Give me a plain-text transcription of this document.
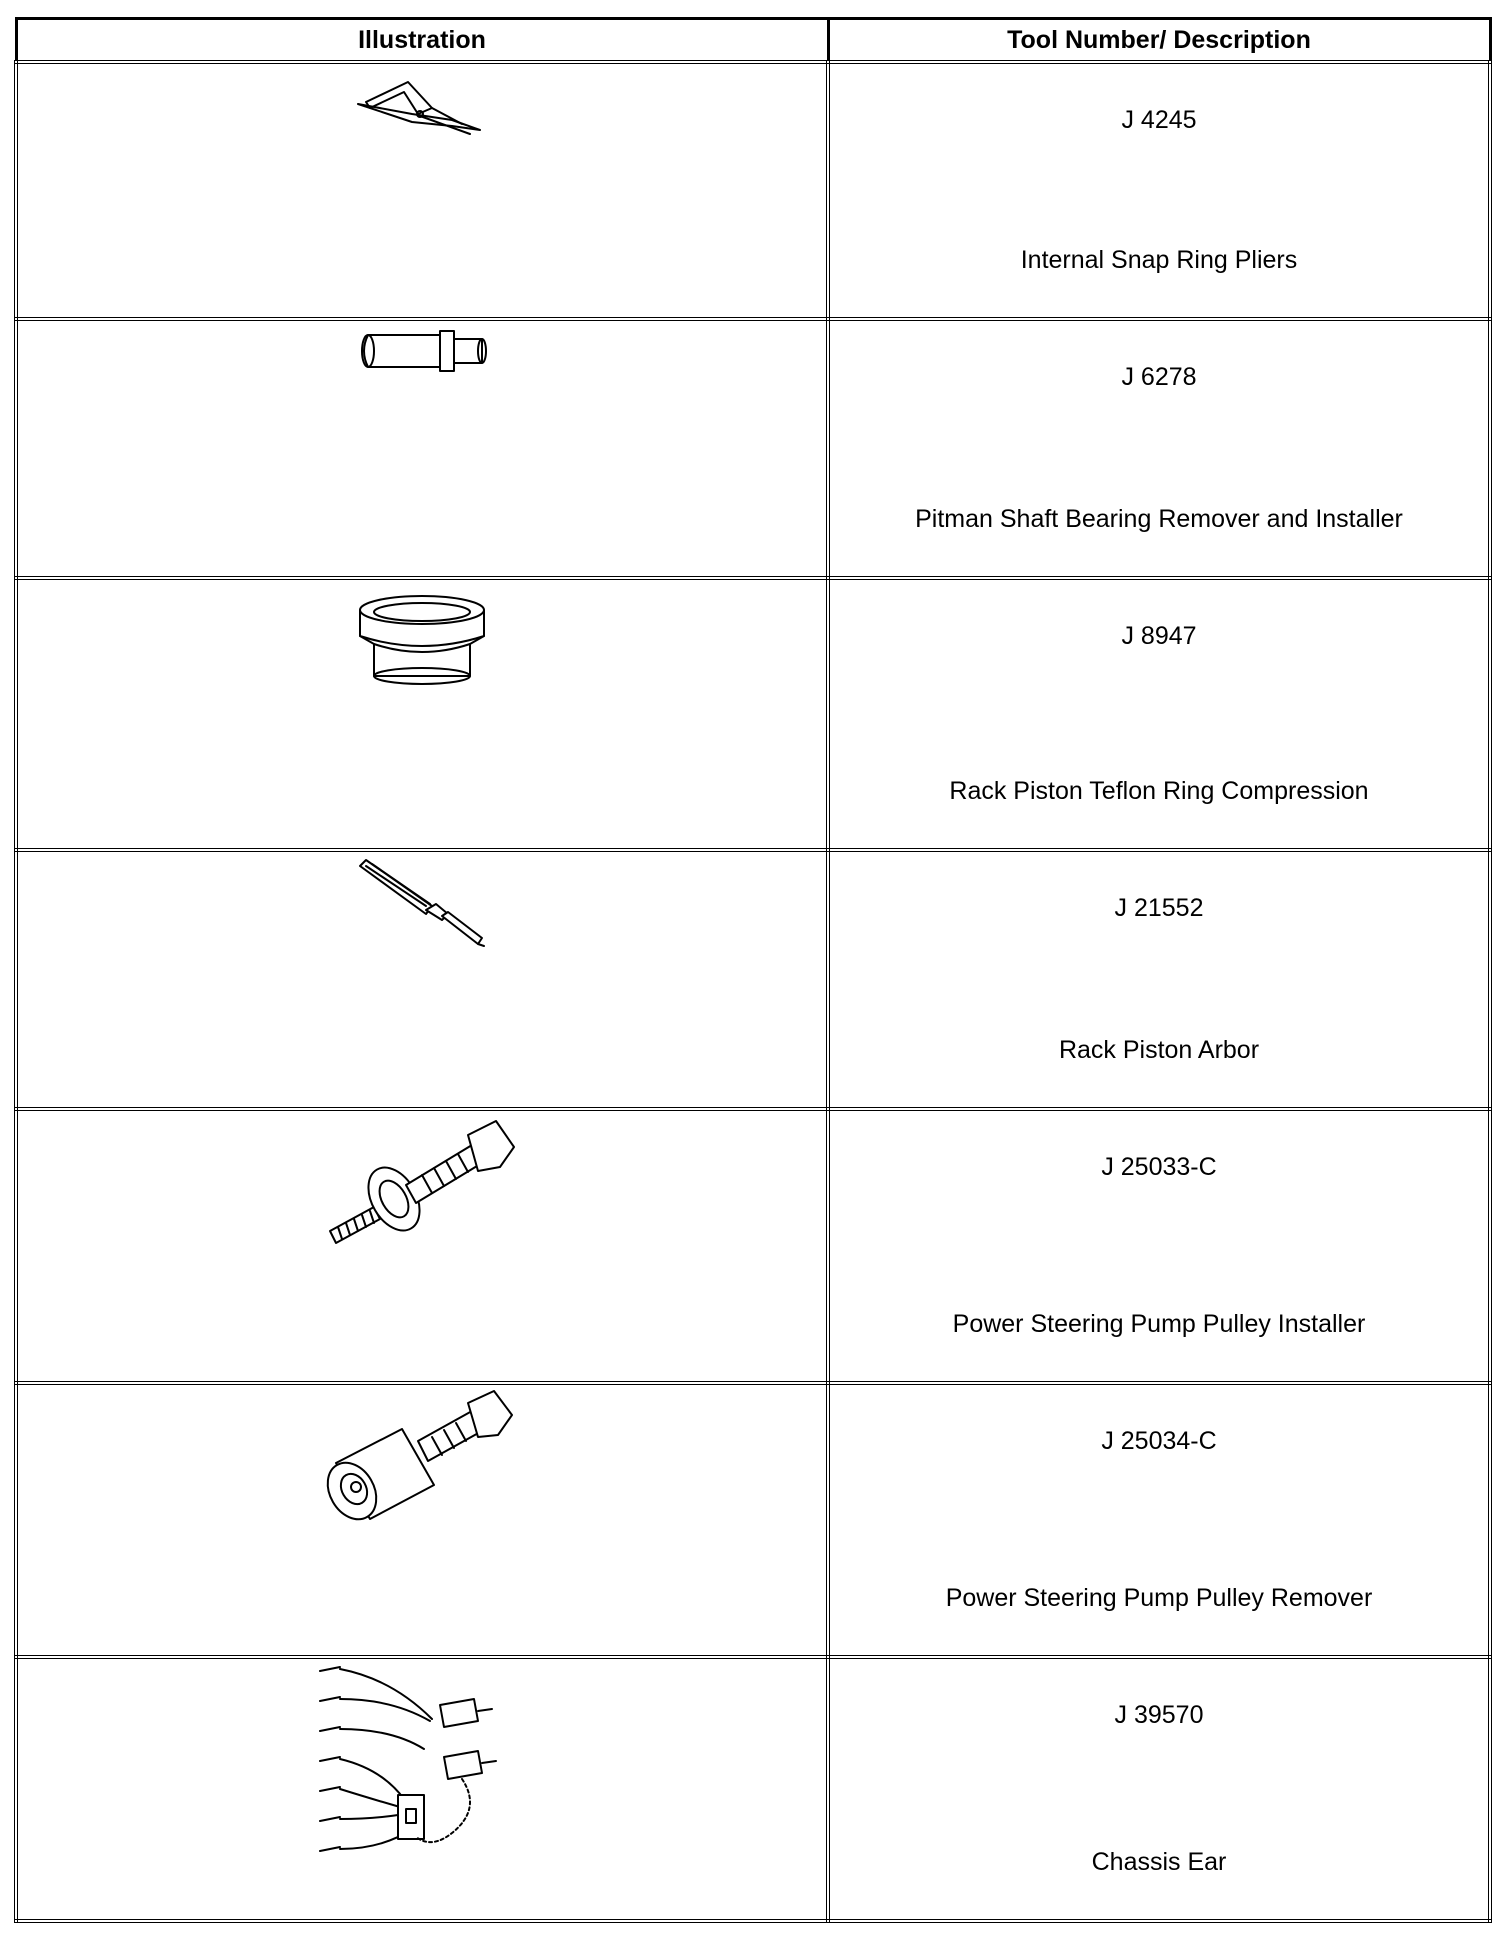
Illustration	Tool Number/ Description

J 4245
Internal Snap Ring Pliers

J 6278
Pitman Shaft Bearing Remover and Installer

J 8947
Rack Piston Teflon Ring Compression

J 21552
Rack Piston Arbor

J 25033-C
Power Steering Pump Pulley Installer

J 25034-C
Power Steering Pump Pulley Remover

J 39570
Chassis Ear
